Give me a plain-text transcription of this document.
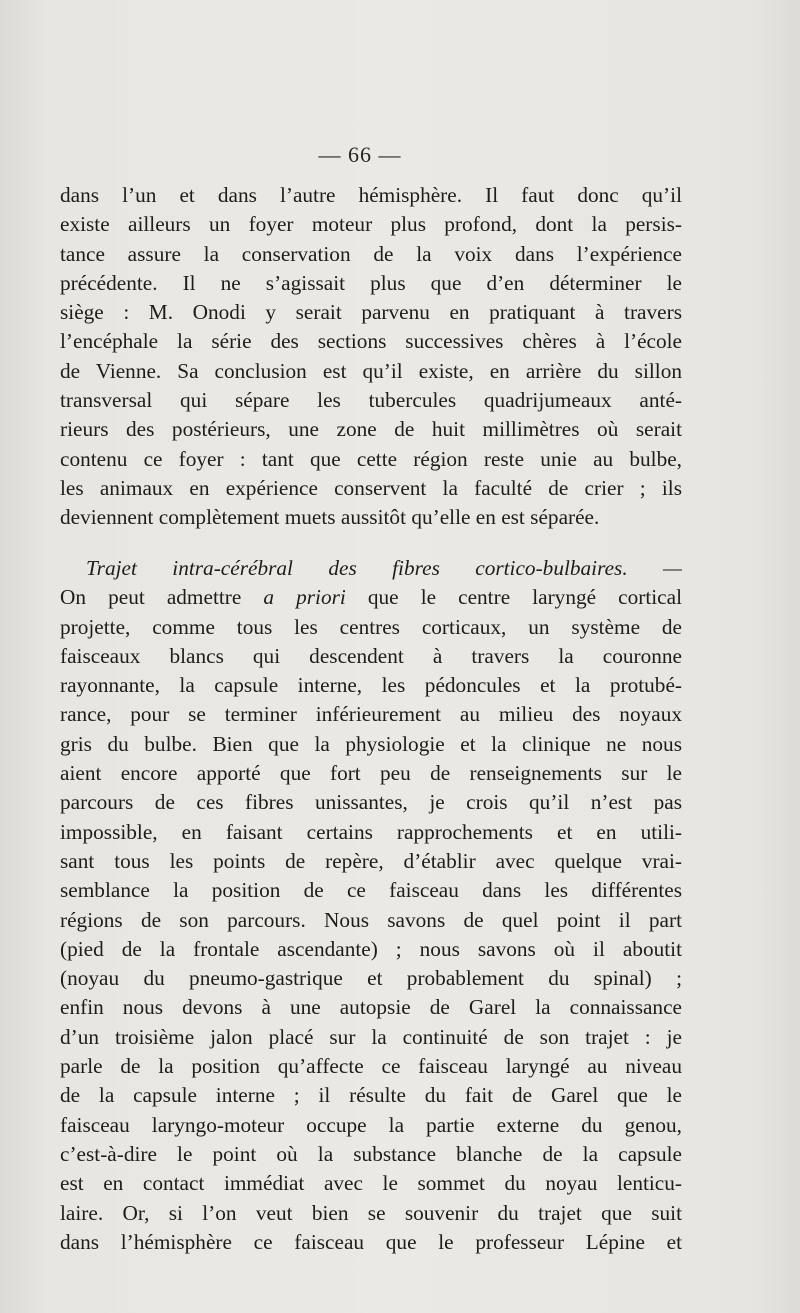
— 66 —
dans l’un et dans l’autre hémisphère. Il faut donc qu’il
existe ailleurs un foyer moteur plus profond, dont la persis-
tance assure la conservation de la voix dans l’expérience
précédente. Il ne s’agissait plus que d’en déterminer le
siège : M. Onodi y serait parvenu en pratiquant à travers
l’encéphale la série des sections successives chères à l’école
de Vienne. Sa conclusion est qu’il existe, en arrière du sillon
transversal qui sépare les tubercules quadrijumeaux anté-
rieurs des postérieurs, une zone de huit millimètres où serait
contenu ce foyer : tant que cette région reste unie au bulbe,
les animaux en expérience conservent la faculté de crier ; ils
deviennent complètement muets aussitôt qu’elle en est séparée.
Trajet intra-cérébral des fibres cortico-bulbaires. —
On peut admettre a priori que le centre laryngé cortical
projette, comme tous les centres corticaux, un système de
faisceaux blancs qui descendent à travers la couronne
rayonnante, la capsule interne, les pédoncules et la protubé-
rance, pour se terminer inférieurement au milieu des noyaux
gris du bulbe. Bien que la physiologie et la clinique ne nous
aient encore apporté que fort peu de renseignements sur le
parcours de ces fibres unissantes, je crois qu’il n’est pas
impossible, en faisant certains rapprochements et en utili-
sant tous les points de repère, d’établir avec quelque vrai-
semblance la position de ce faisceau dans les différentes
régions de son parcours. Nous savons de quel point il part
(pied de la frontale ascendante) ; nous savons où il aboutit
(noyau du pneumo-gastrique et probablement du spinal) ;
enfin nous devons à une autopsie de Garel la connaissance
d’un troisième jalon placé sur la continuité de son trajet : je
parle de la position qu’affecte ce faisceau laryngé au niveau
de la capsule interne ; il résulte du fait de Garel que le
faisceau laryngo-moteur occupe la partie externe du genou,
c’est-à-dire le point où la substance blanche de la capsule
est en contact immédiat avec le sommet du noyau lenticu-
laire. Or, si l’on veut bien se souvenir du trajet que suit
dans l’hémisphère ce faisceau que le professeur Lépine et
